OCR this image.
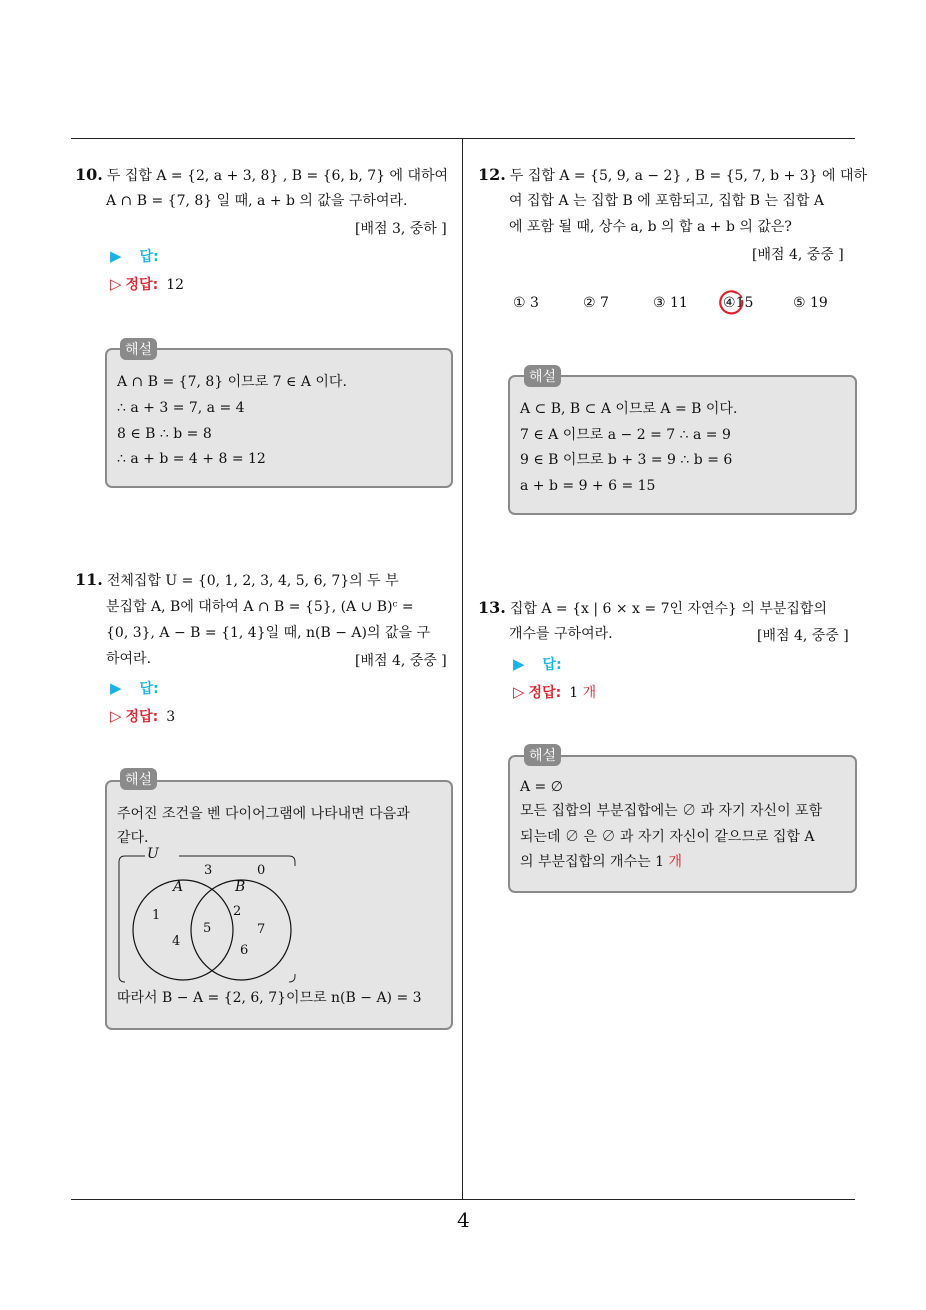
10. 두 집합 A = {2, a + 3, 8} , B = {6, b, 7} 에 대하여
A ∩ B = {7, 8} 일 때, a + b 의 값을 구하여라.
[배점 3, 중하 ]
▶ 답:
▷ 정답: 12
A ∩ B = {7, 8} 이므로 7 ∈ A 이다.
∴ a + 3 = 7, a = 4
8 ∈ B ∴ b = 8
∴ a + b = 4 + 8 = 12
해설
11. 전체집합 U = {0, 1, 2, 3, 4, 5, 6, 7}의 두 부
분집합 A, B에 대하여 A ∩ B = {5}, (A ∪ B)ᶜ =
{0, 3}, A − B = {1, 4}일 때, n(B − A)의 값을 구
하여라.	[배점 4, 중중 ]
▶ 답:
▷ 정답: 3
주어진 조건을 벤 다이어그램에 나타내면 다음과
같다.
U
A	B
3	0
1
4
5
2
7
6
따라서 B − A = {2, 6, 7}이므로 n(B − A) = 3
해설
12. 두 집합 A = {5, 9, a − 2} , B = {5, 7, b + 3} 에 대하
여 집합 A 는 집합 B 에 포함되고, 집합 B 는 집합 A
에 포함 될 때, 상수 a, b 의 합 a + b 의 값은?
[배점 4, 중중 ]
① 3	② 7	③ 11	④15	⑤ 19
A ⊂ B, B ⊂ A 이므로 A = B 이다.
7 ∈ A 이므로 a − 2 = 7 ∴ a = 9
9 ∈ B 이므로 b + 3 = 9 ∴ b = 6
a + b = 9 + 6 = 15
해설
13. 집합 A = {x | 6 × x = 7인 자연수} 의 부분집합의
개수를 구하여라.	[배점 4, 중중 ]
▶ 답:
▷ 정답: 1 개
A = ∅
모든 집합의 부분집합에는 ∅ 과 자기 자신이 포함
되는데 ∅ 은 ∅ 과 자기 자신이 같으므로 집합 A
의 부분집합의 개수는 1 개
해설
4
